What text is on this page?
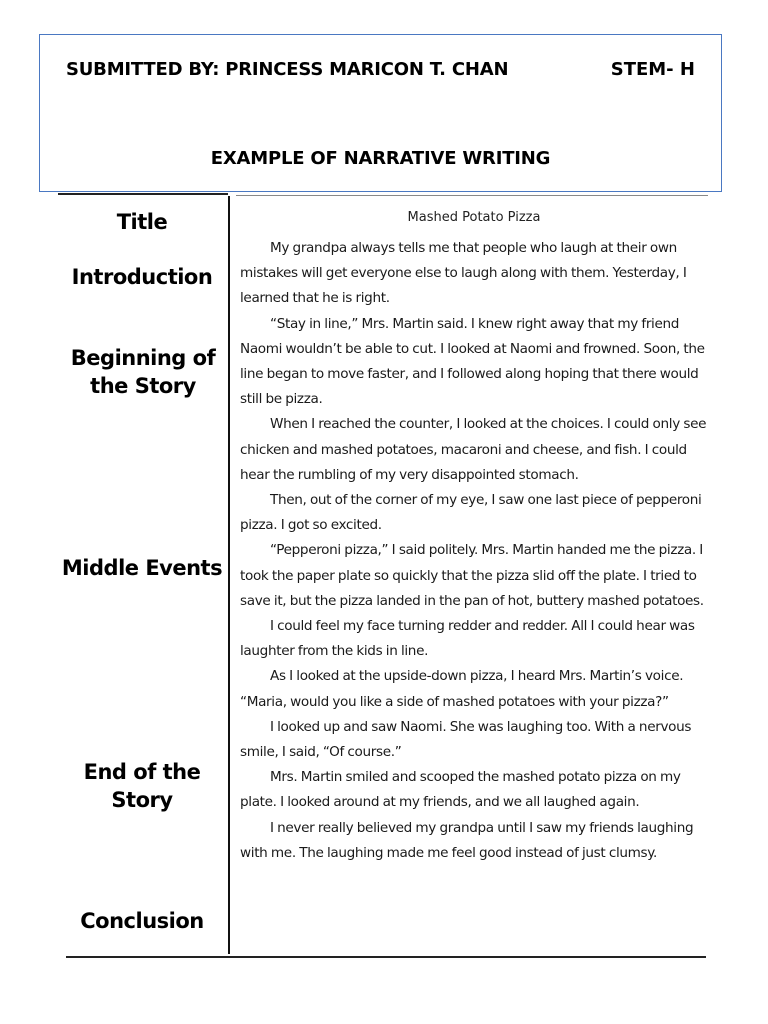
SUBMITTED BY: PRINCESS MARICON T. CHAN	STEM- H
EXAMPLE OF NARRATIVE WRITING
Title
Introduction
Beginning of the Story
Middle Events
End of the Story
Conclusion
Mashed Potato Pizza

My grandpa always tells me that people who laugh at their own mistakes will get everyone else to laugh along with them. Yesterday, I learned that he is right.

“Stay in line,” Mrs. Martin said. I knew right away that my friend Naomi wouldn’t be able to cut. I looked at Naomi and frowned. Soon, the line began to move faster, and I followed along hoping that there would still be pizza.

When I reached the counter, I looked at the choices. I could only see chicken and mashed potatoes, macaroni and cheese, and fish. I could hear the rumbling of my very disappointed stomach.

Then, out of the corner of my eye, I saw one last piece of pepperoni pizza. I got so excited.

“Pepperoni pizza,” I said politely. Mrs. Martin handed me the pizza. I took the paper plate so quickly that the pizza slid off the plate. I tried to save it, but the pizza landed in the pan of hot, buttery mashed potatoes.

I could feel my face turning redder and redder. All I could hear was laughter from the kids in line.

As I looked at the upside-down pizza, I heard Mrs. Martin’s voice. “Maria, would you like a side of mashed potatoes with your pizza?”

I looked up and saw Naomi. She was laughing too. With a nervous smile, I said, “Of course.”

Mrs. Martin smiled and scooped the mashed potato pizza on my plate. I looked around at my friends, and we all laughed again.

I never really believed my grandpa until I saw my friends laughing with me. The laughing made me feel good instead of just clumsy.
